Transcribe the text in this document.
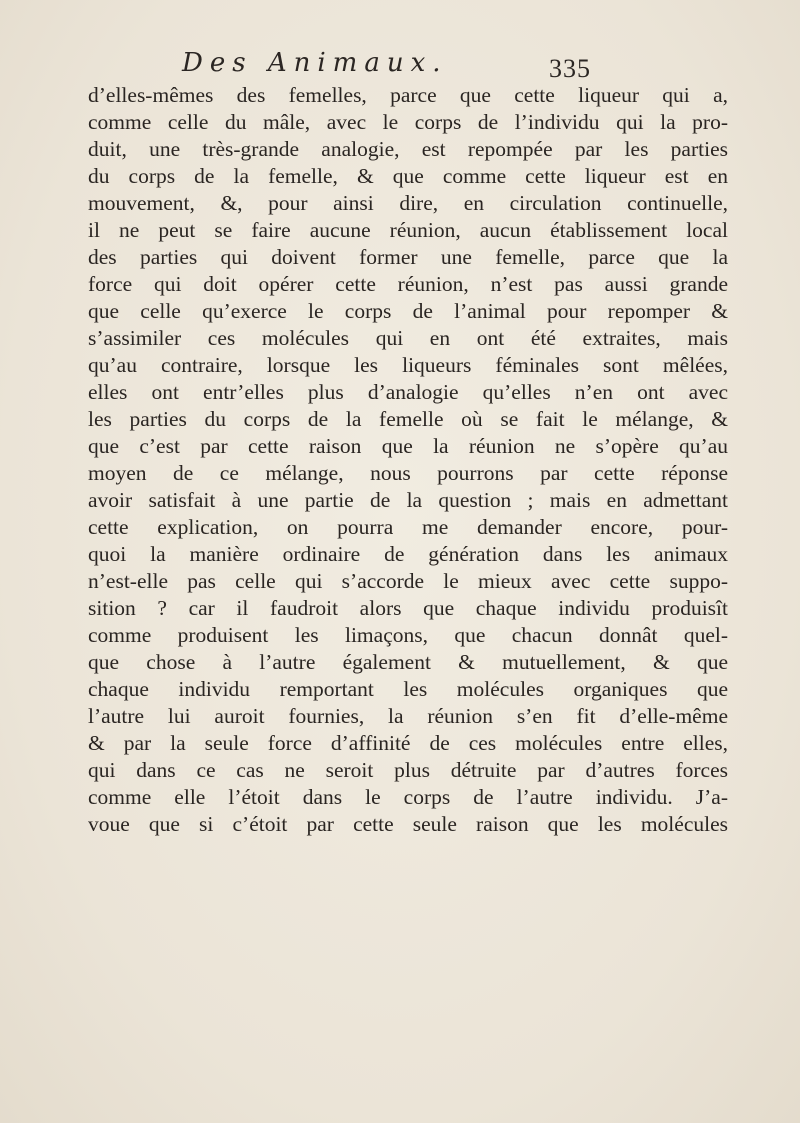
Des Animaux.	335
d’elles-mêmes des femelles, parce que cette liqueur qui a,
comme celle du mâle, avec le corps de l’individu qui la pro-
duit, une très-grande analogie, est repompée par les parties
du corps de la femelle, & que comme cette liqueur est en
mouvement, &, pour ainsi dire, en circulation continuelle,
il ne peut se faire aucune réunion, aucun établissement local
des parties qui doivent former une femelle, parce que la
force qui doit opérer cette réunion, n’est pas aussi grande
que celle qu’exerce le corps de l’animal pour repomper &
s’assimiler ces molécules qui en ont été extraites, mais
qu’au contraire, lorsque les liqueurs féminales sont mêlées,
elles ont entr’elles plus d’analogie qu’elles n’en ont avec
les parties du corps de la femelle où se fait le mélange, &
que c’est par cette raison que la réunion ne s’opère qu’au
moyen de ce mélange, nous pourrons par cette réponse
avoir satisfait à une partie de la question ; mais en admettant
cette explication, on pourra me demander encore, pour-
quoi la manière ordinaire de génération dans les animaux
n’est-elle pas celle qui s’accorde le mieux avec cette suppo-
sition ? car il faudroit alors que chaque individu produisît
comme produisent les limaçons, que chacun donnât quel-
que chose à l’autre également & mutuellement, & que
chaque individu remportant les molécules organiques que
l’autre lui auroit fournies, la réunion s’en fit d’elle-même
& par la seule force d’affinité de ces molécules entre elles,
qui dans ce cas ne seroit plus détruite par d’autres forces
comme elle l’étoit dans le corps de l’autre individu. J’a-
voue que si c’étoit par cette seule raison que les molécules
